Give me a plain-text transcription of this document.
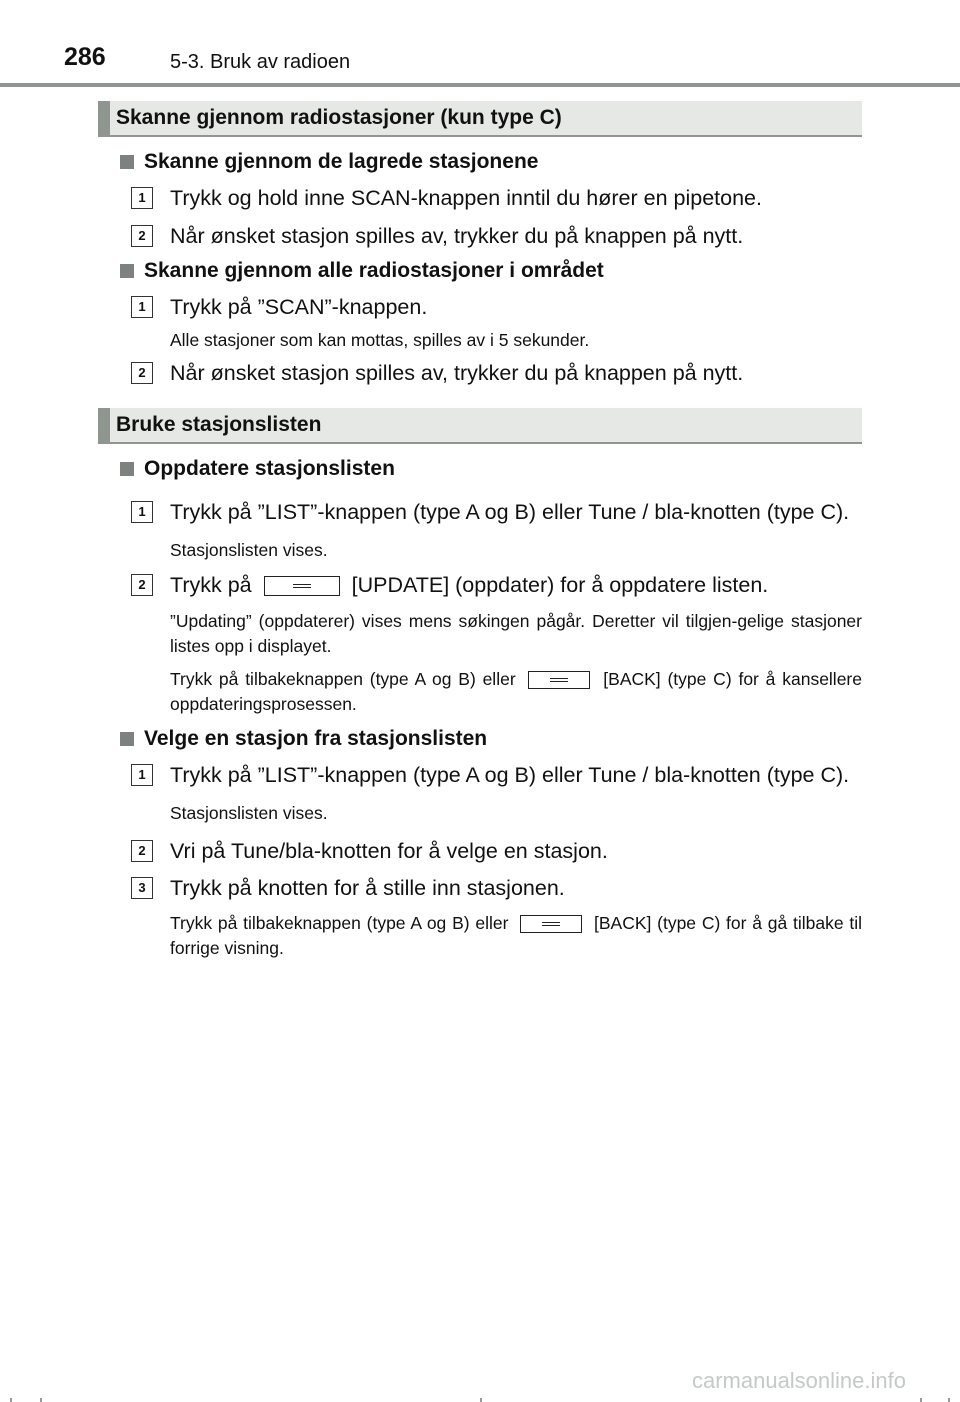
286	5-3. Bruk av radioen
Skanne gjennom radiostasjoner (kun type C)
Skanne gjennom de lagrede stasjonene
1	Trykk og hold inne SCAN-knappen inntil du hører en pipetone.
2	Når ønsket stasjon spilles av, trykker du på knappen på nytt.
Skanne gjennom alle radiostasjoner i området
1	Trykk på ”SCAN”-knappen.
Alle stasjoner som kan mottas, spilles av i 5 sekunder.
2	Når ønsket stasjon spilles av, trykker du på knappen på nytt.
Bruke stasjonslisten
Oppdatere stasjonslisten
1	Trykk på ”LIST”-knappen (type A og B) eller Tune / bla-knotten (type C).
Stasjonslisten vises.
2	Trykk på	[UPDATE] (oppdater) for å oppdatere listen.
”Updating” (oppdaterer) vises mens søkingen pågår. Deretter vil tilgjen-gelige stasjoner listes opp i displayet.
Trykk på tilbakeknappen (type A og B) eller	[BACK] (type C) for å kansellere oppdateringsprosessen.
Velge en stasjon fra stasjonslisten
1	Trykk på ”LIST”-knappen (type A og B) eller Tune / bla-knotten (type C).
Stasjonslisten vises.
2	Vri på Tune/bla-knotten for å velge en stasjon.
3	Trykk på knotten for å stille inn stasjonen.
Trykk på tilbakeknappen (type A og B) eller	[BACK] (type C) for å gå tilbake til forrige visning.
carmanualsonline.info
